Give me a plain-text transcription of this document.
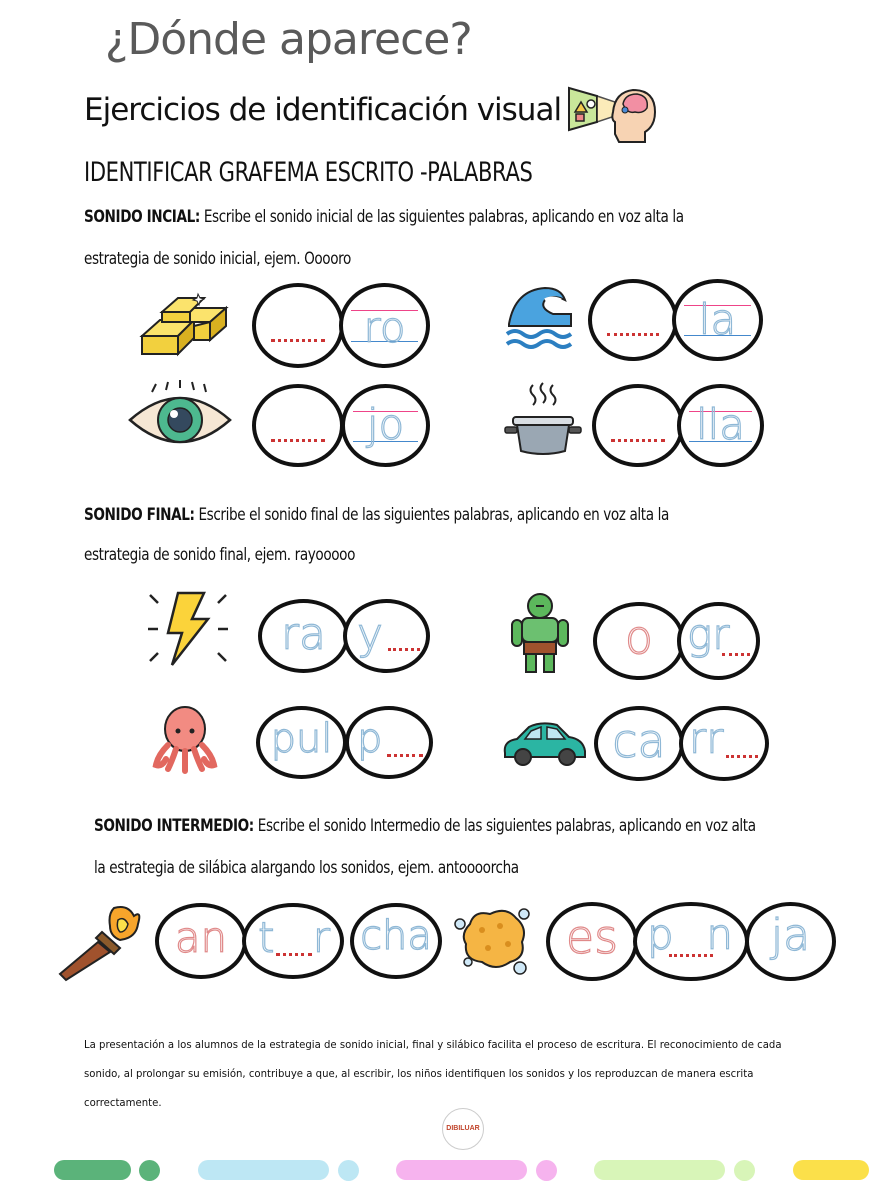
¿Dónde aparece?
Ejercicios de identificación visual
IDENTIFICAR GRAFEMA ESCRITO -PALABRAS
SONIDO INCIAL: Escribe el sonido inicial de las siguientes palabras, aplicando en voz alta la
estrategia de sonido inicial, ejem. Ooooro
ro	la
jo	lla
SONIDO FINAL: Escribe el sonido final de las siguientes palabras, aplicando en voz alta la
estrategia de sonido final, ejem. rayooooo
ra y	o gr
pul p	ca rr
SONIDO INTERMEDIO: Escribe el sonido Intermedio de las siguientes palabras, aplicando en voz alta
la estrategia de silábica alargando los sonidos, ejem. antoooorcha
an t r cha	es p n ja
La presentación a los alumnos de la estrategia de sonido inicial, final y silábico facilita el proceso de escritura. El reconocimiento de cada sonido, al prolongar su emisión, contribuye a que, al escribir, los niños identifiquen los sonidos y los reproduzcan de manera escrita correctamente.
DIBILUAR
